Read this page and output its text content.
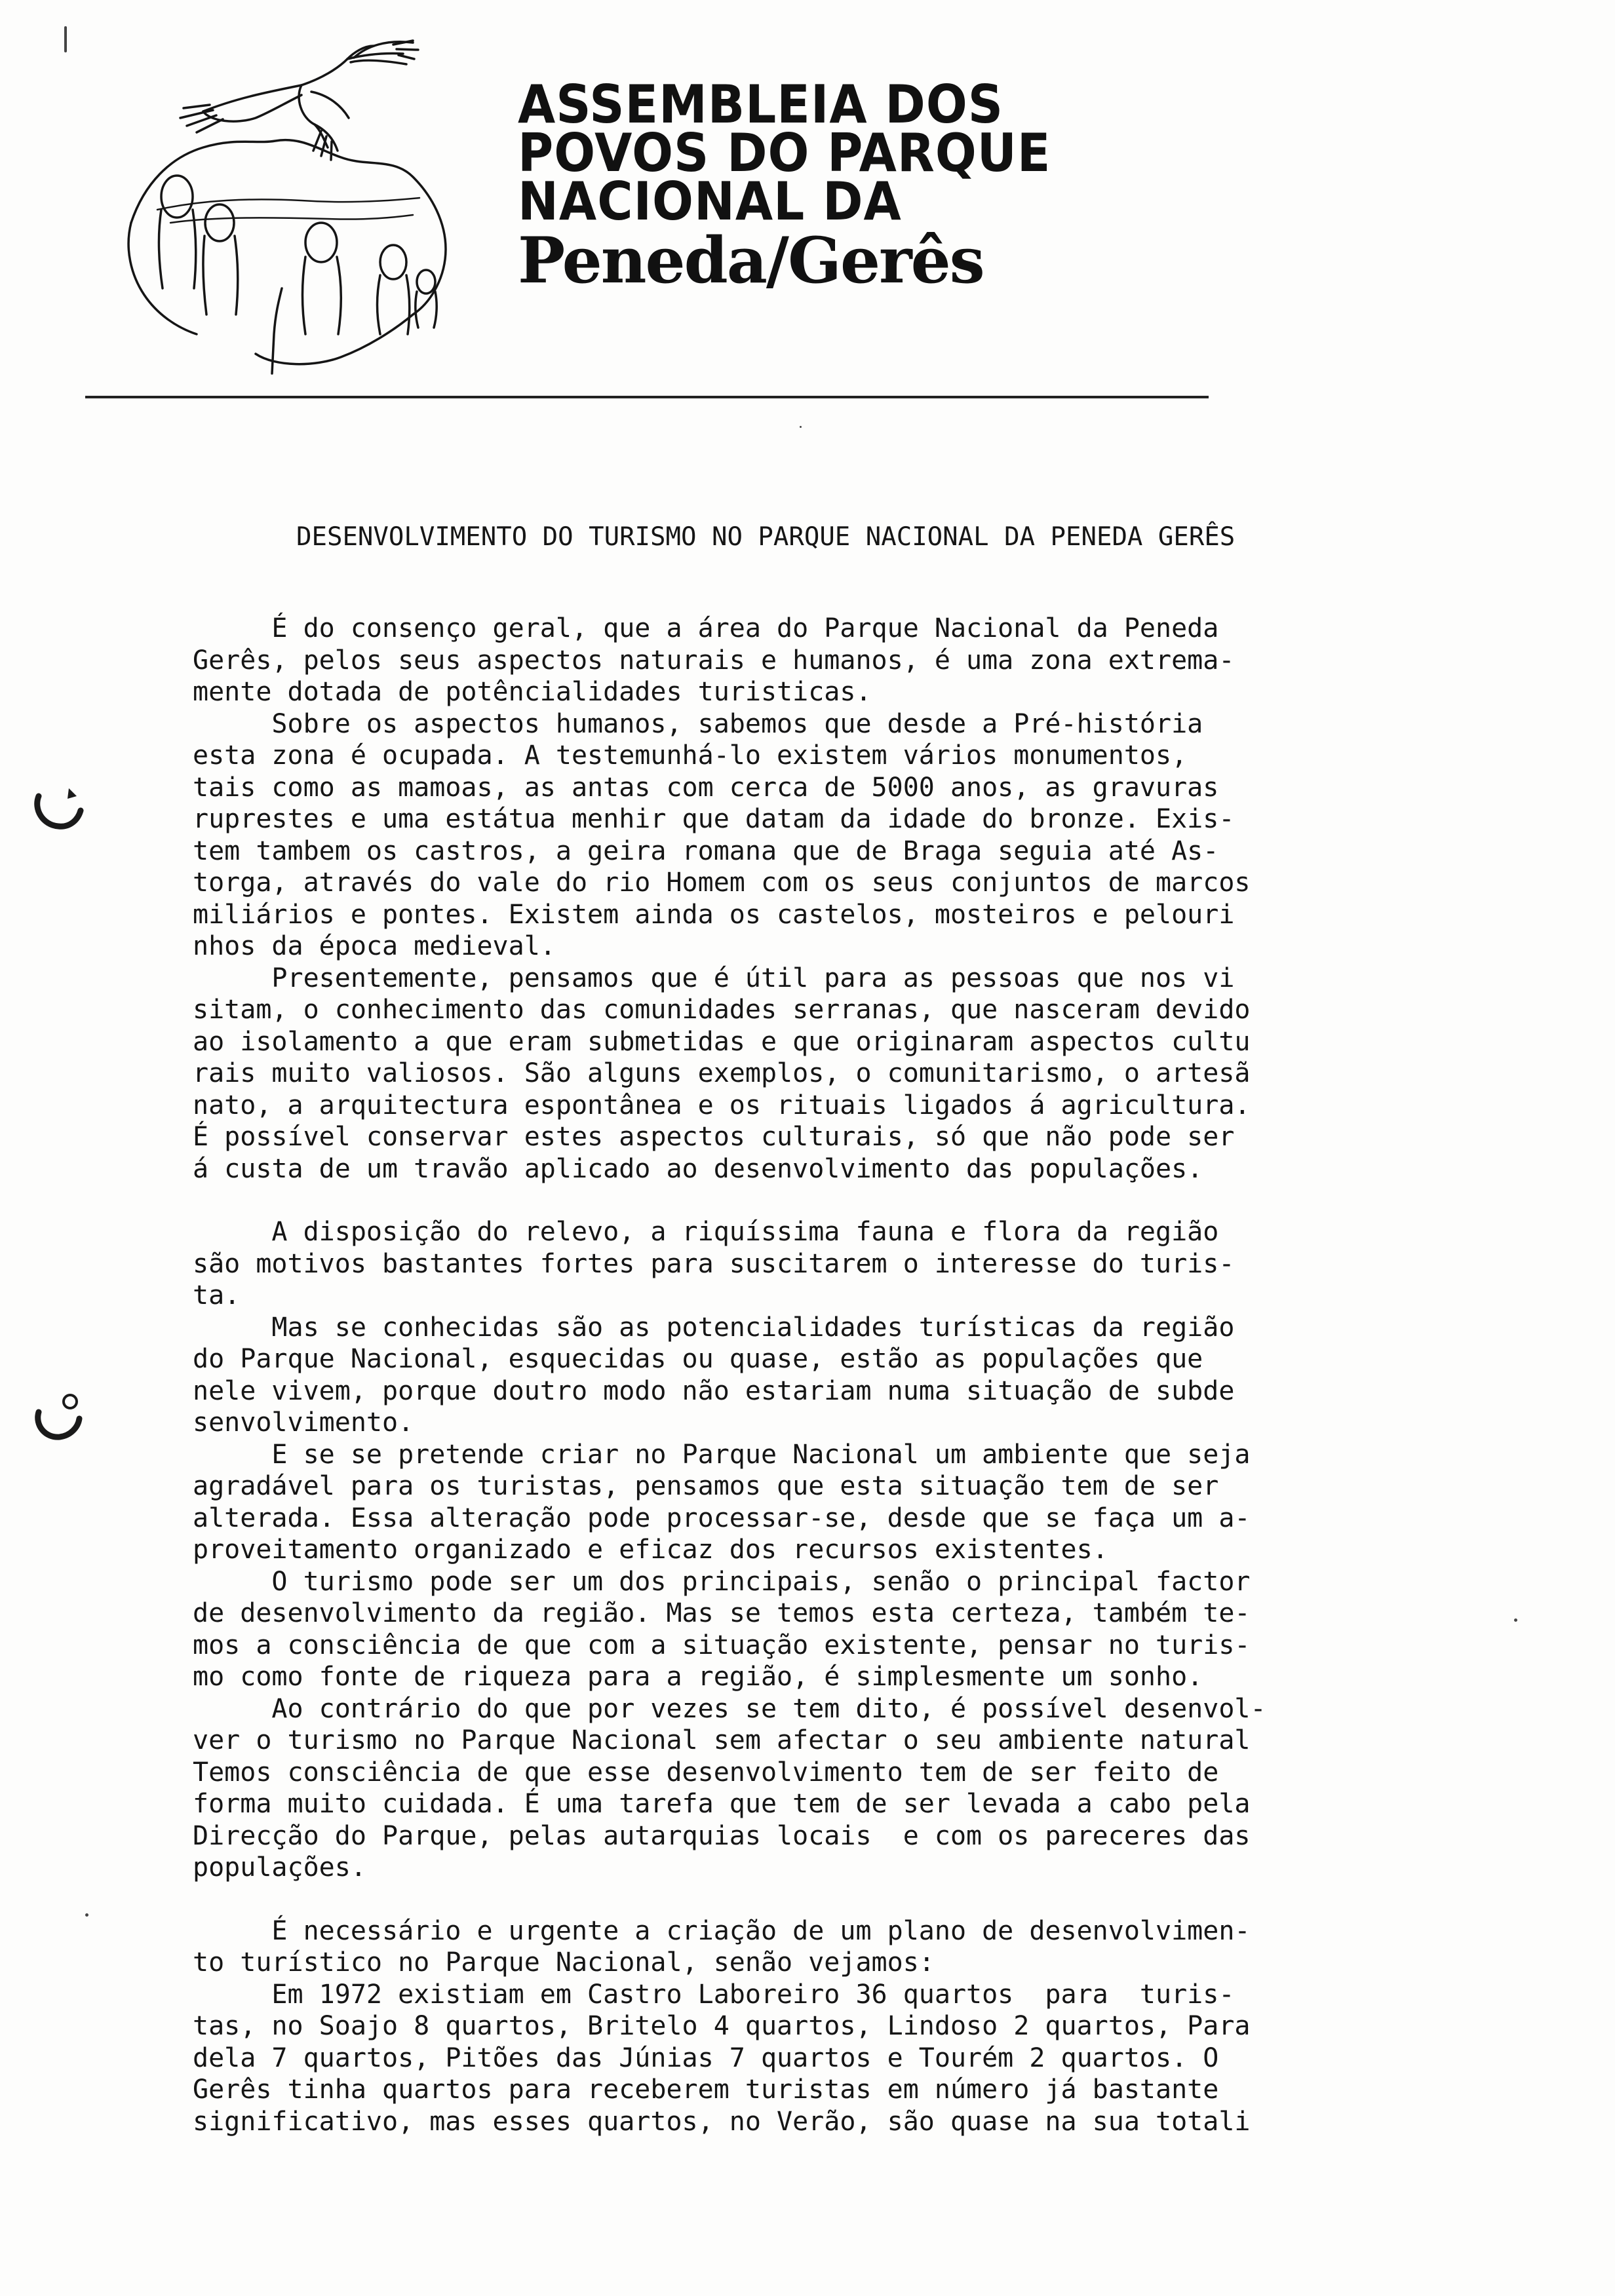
ASSEMBLEIA DOS
POVOS DO PARQUE
NACIONAL DA
Peneda/Gerês
DESENVOLVIMENTO DO TURISMO NO PARQUE NACIONAL DA PENEDA GERÊS
É do consenço geral, que a área do Parque Nacional da Peneda
Gerês, pelos seus aspectos naturais e humanos, é uma zona extrema-
mente dotada de potêncialidades turisticas.
Sobre os aspectos humanos, sabemos que desde a Pré-história
esta zona é ocupada. A testemunhá-lo existem vários monumentos,
tais como as mamoas, as antas com cerca de 5000 anos, as gravuras
ruprestes e uma estátua menhir que datam da idade do bronze. Exis-
tem tambem os castros, a geira romana que de Braga seguia até As-
torga, através do vale do rio Homem com os seus conjuntos de marcos
miliários e pontes. Existem ainda os castelos, mosteiros e pelouri
nhos da época medieval.
Presentemente, pensamos que é útil para as pessoas que nos vi
sitam, o conhecimento das comunidades serranas, que nasceram devido
ao isolamento a que eram submetidas e que originaram aspectos cultu
rais muito valiosos. São alguns exemplos, o comunitarismo, o artesã
nato, a arquitectura espontânea e os rituais ligados á agricultura.
É possível conservar estes aspectos culturais, só que não pode ser
á custa de um travão aplicado ao desenvolvimento das populações.
A disposição do relevo, a riquíssima fauna e flora da região
são motivos bastantes fortes para suscitarem o interesse do turis-
ta.
Mas se conhecidas são as potencialidades turísticas da região
do Parque Nacional, esquecidas ou quase, estão as populações que
nele vivem, porque doutro modo não estariam numa situação de subde
senvolvimento.
E se se pretende criar no Parque Nacional um ambiente que seja
agradável para os turistas, pensamos que esta situação tem de ser
alterada. Essa alteração pode processar-se, desde que se faça um a-
proveitamento organizado e eficaz dos recursos existentes.
O turismo pode ser um dos principais, senão o principal factor
de desenvolvimento da região. Mas se temos esta certeza, também te-
mos a consciência de que com a situação existente, pensar no turis-
mo como fonte de riqueza para a região, é simplesmente um sonho.
Ao contrário do que por vezes se tem dito, é possível desenvol-
ver o turismo no Parque Nacional sem afectar o seu ambiente natural
Temos consciência de que esse desenvolvimento tem de ser feito de
forma muito cuidada. É uma tarefa que tem de ser levada a cabo pela
Direcção do Parque, pelas autarquias locais  e com os pareceres das
populações.
É necessário e urgente a criação de um plano de desenvolvimen-
to turístico no Parque Nacional, senão vejamos:
Em 1972 existiam em Castro Laboreiro 36 quartos  para  turis-
tas, no Soajo 8 quartos, Britelo 4 quartos, Lindoso 2 quartos, Para
dela 7 quartos, Pitões das Júnias 7 quartos e Tourém 2 quartos. O
Gerês tinha quartos para receberem turistas em número já bastante
significativo, mas esses quartos, no Verão, são quase na sua totali
